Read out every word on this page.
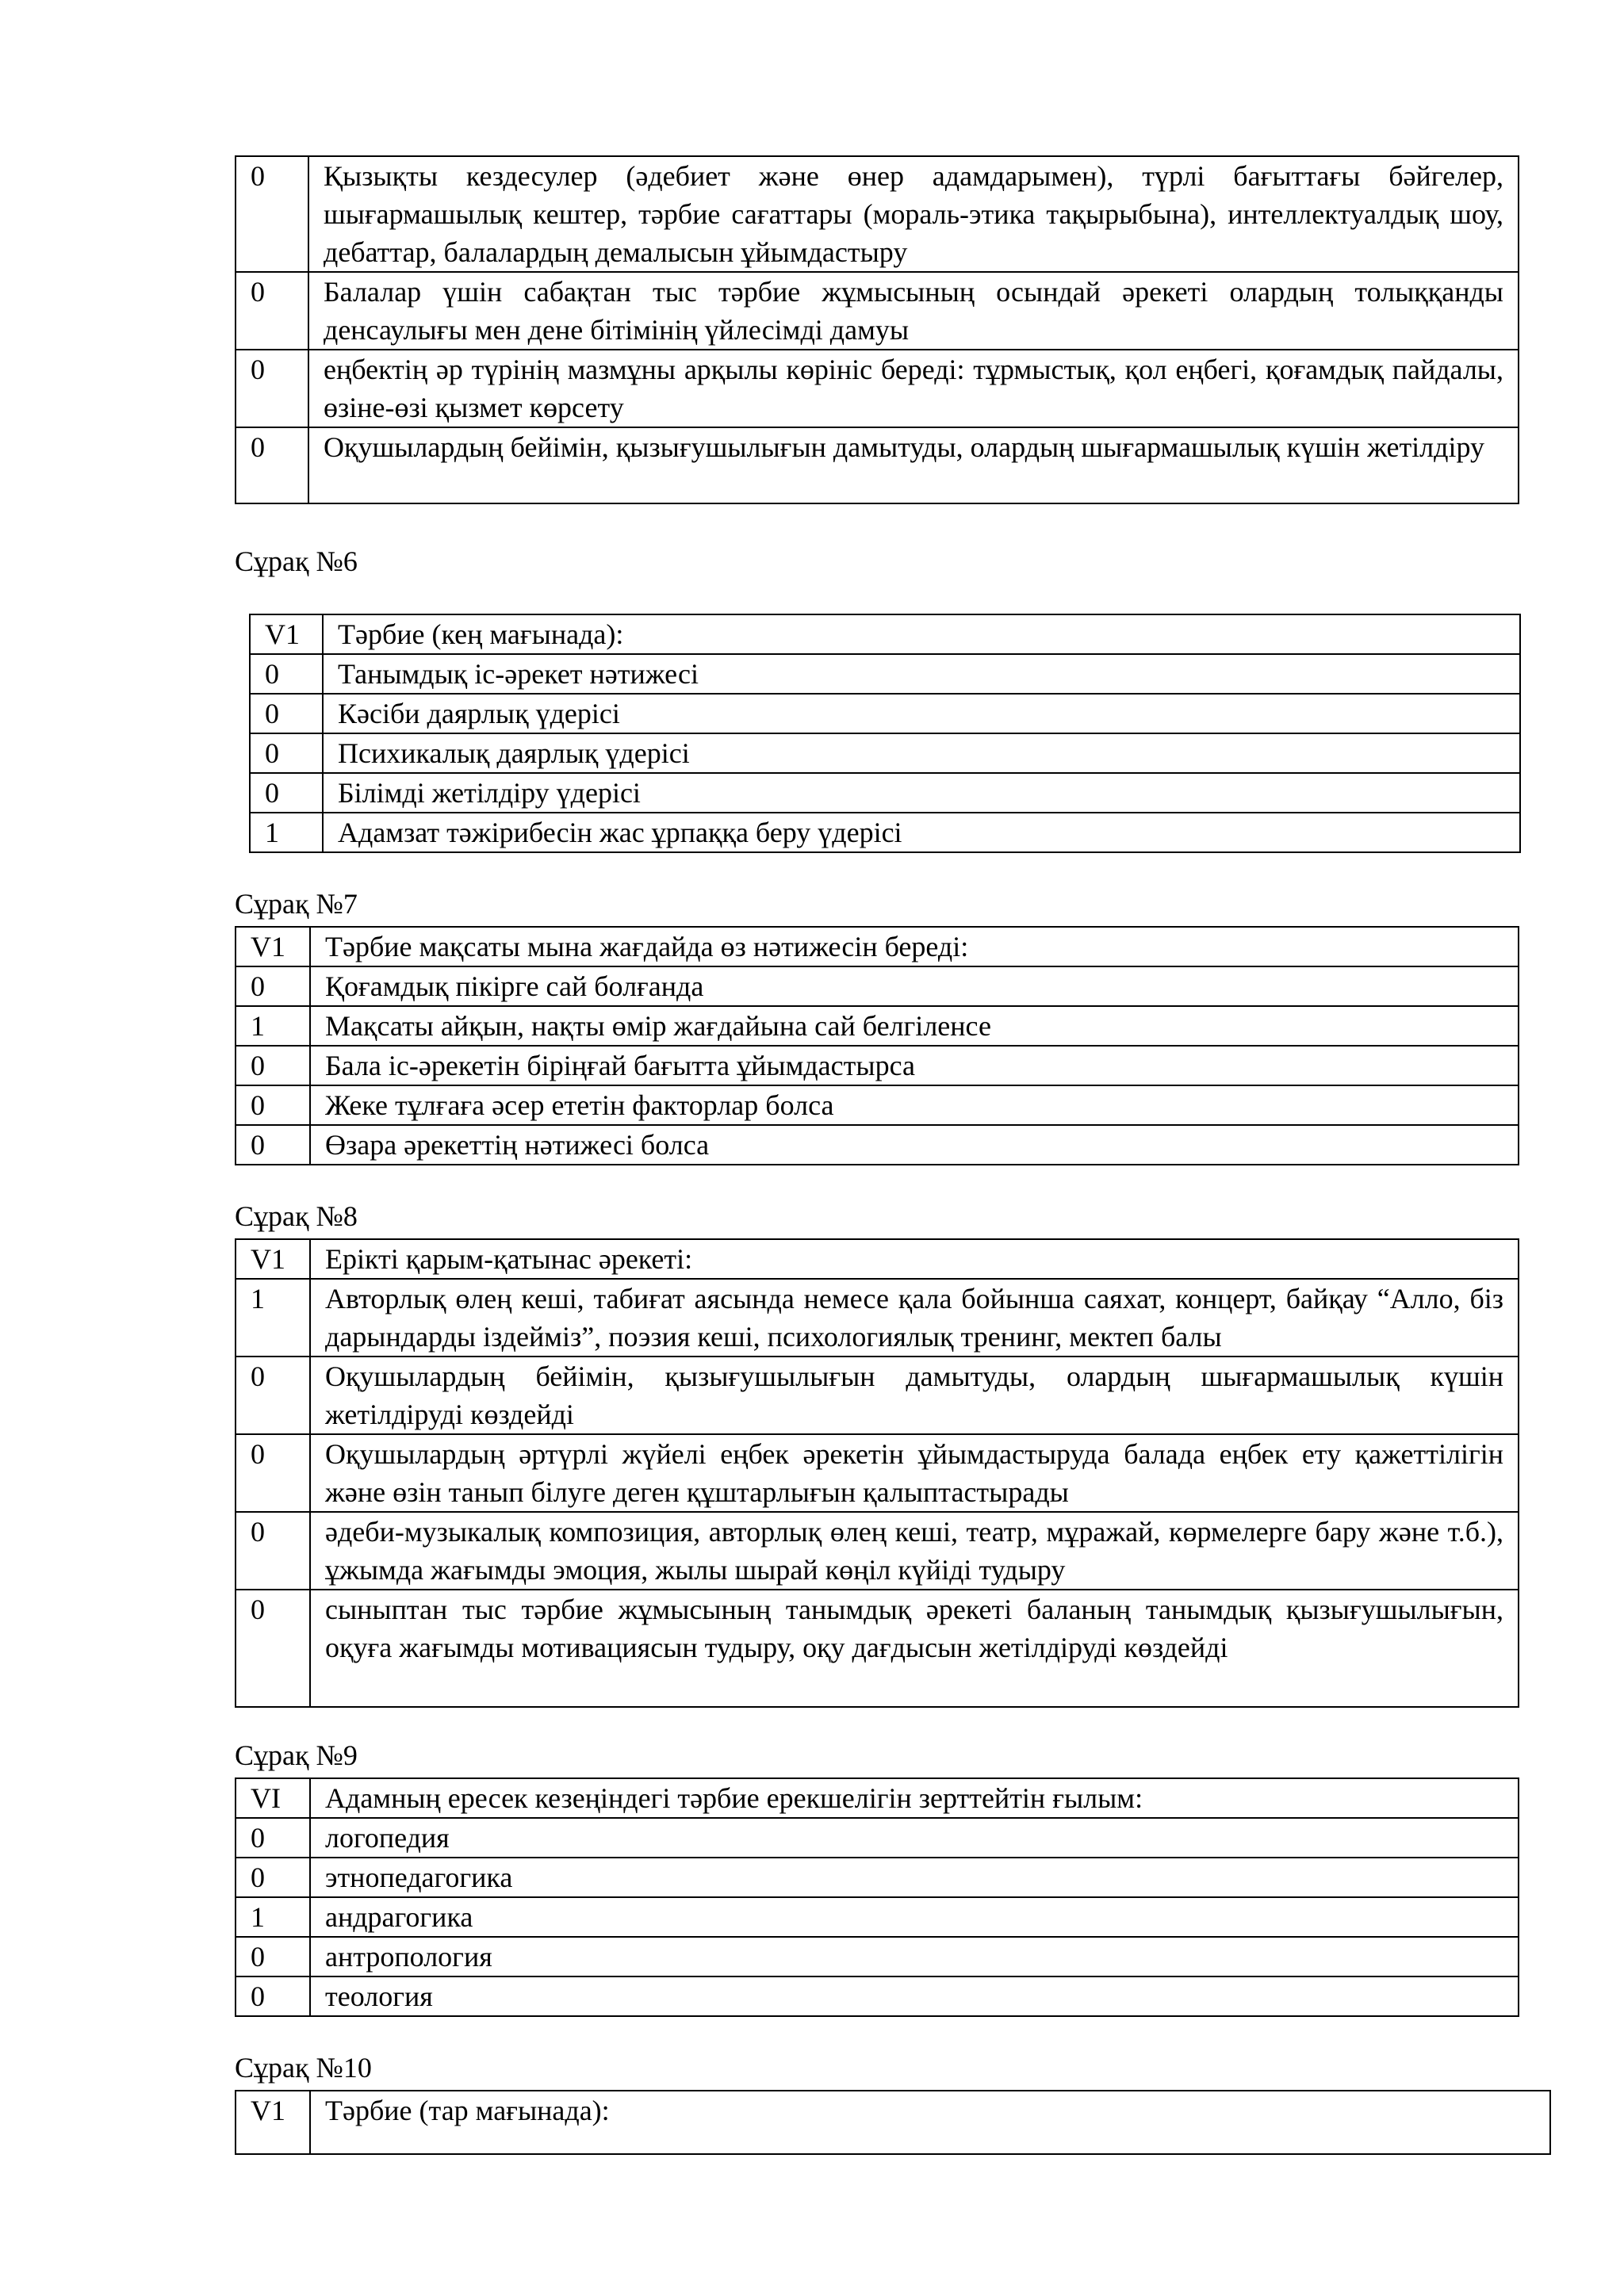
0	Қызықты кездесулер (әдебиет және өнер адамдарымен), түрлі бағыттағы бәйгелер, шығармашылық кештер, тәрбие сағаттары (мораль-этика тақырыбына), интеллектуалдық шоу, дебаттар, балалардың демалысын ұйымдастыру
0	Балалар үшін сабақтан тыс тәрбие жұмысының осындай әрекеті олардың толыққанды денсаулығы мен дене бітімінің үйлесімді дамуы
0	еңбектің әр түрінің мазмұны арқылы көрініс береді: тұрмыстық, қол еңбегі, қоғамдық пайдалы, өзіне-өзі қызмет көрсету
0	Оқушылардың бейімін, қызығушылығын дамытуды, олардың шығармашылық күшін жетілдіру

Сұрақ №6

V1	Тәрбие (кең мағынада):
0	Танымдық іс-әрекет нәтижесі
0	Кәсіби даярлық үдерісі
0	Психикалық даярлық үдерісі
0	Білімді жетілдіру үдерісі
1	Адамзат тәжірибесін жас ұрпаққа беру үдерісі

Сұрақ №7

V1	Тәрбие мақсаты мына жағдайда өз нәтижесін береді:
0	Қоғамдық пікірге сай болғанда
1	Мақсаты айқын, нақты өмір жағдайына сай белгіленсе
0	Бала іс-әрекетін біріңғай бағытта ұйымдастырса
0	Жеке тұлғаға әсер ететін факторлар болса
0	Өзара әрекеттің нәтижесі болса

Сұрақ №8

V1	Ерікті қарым-қатынас әрекеті:
1	Авторлық өлең кеші, табиғат аясында немесе қала бойынша саяхат, концерт, байқау “Алло, біз дарындарды іздейміз”, поэзия кеші, психологиялық тренинг, мектеп балы
0	Оқушылардың бейімін, қызығушылығын дамытуды, олардың шығармашылық күшін жетілдіруді көздейді
0	Оқушылардың әртүрлі жүйелі еңбек әрекетін ұйымдастыруда балада еңбек ету қажеттілігін және өзін танып білуге деген құштарлығын қалыптастырады
0	әдеби-музыкалық композиция, авторлық өлең кеші, театр, мұражай, көрмелерге бару және т.б.), ұжымда жағымды эмоция, жылы шырай көңіл күйіді тудыру
0	сыныптан тыс тәрбие жұмысының танымдық әрекеті баланың танымдық қызығушылығын, оқуға жағымды мотивациясын тудыру, оқу дағдысын жетілдіруді көздейді

Сұрақ №9

VI	Адамның ересек кезеңіндегі тәрбие ерекшелігін зерттейтін ғылым:
0	логопедия
0	этнопедагогика
1	андрагогика
0	антропология
0	теология

Сұрақ №10

V1	Тәрбие (тар мағынада):
